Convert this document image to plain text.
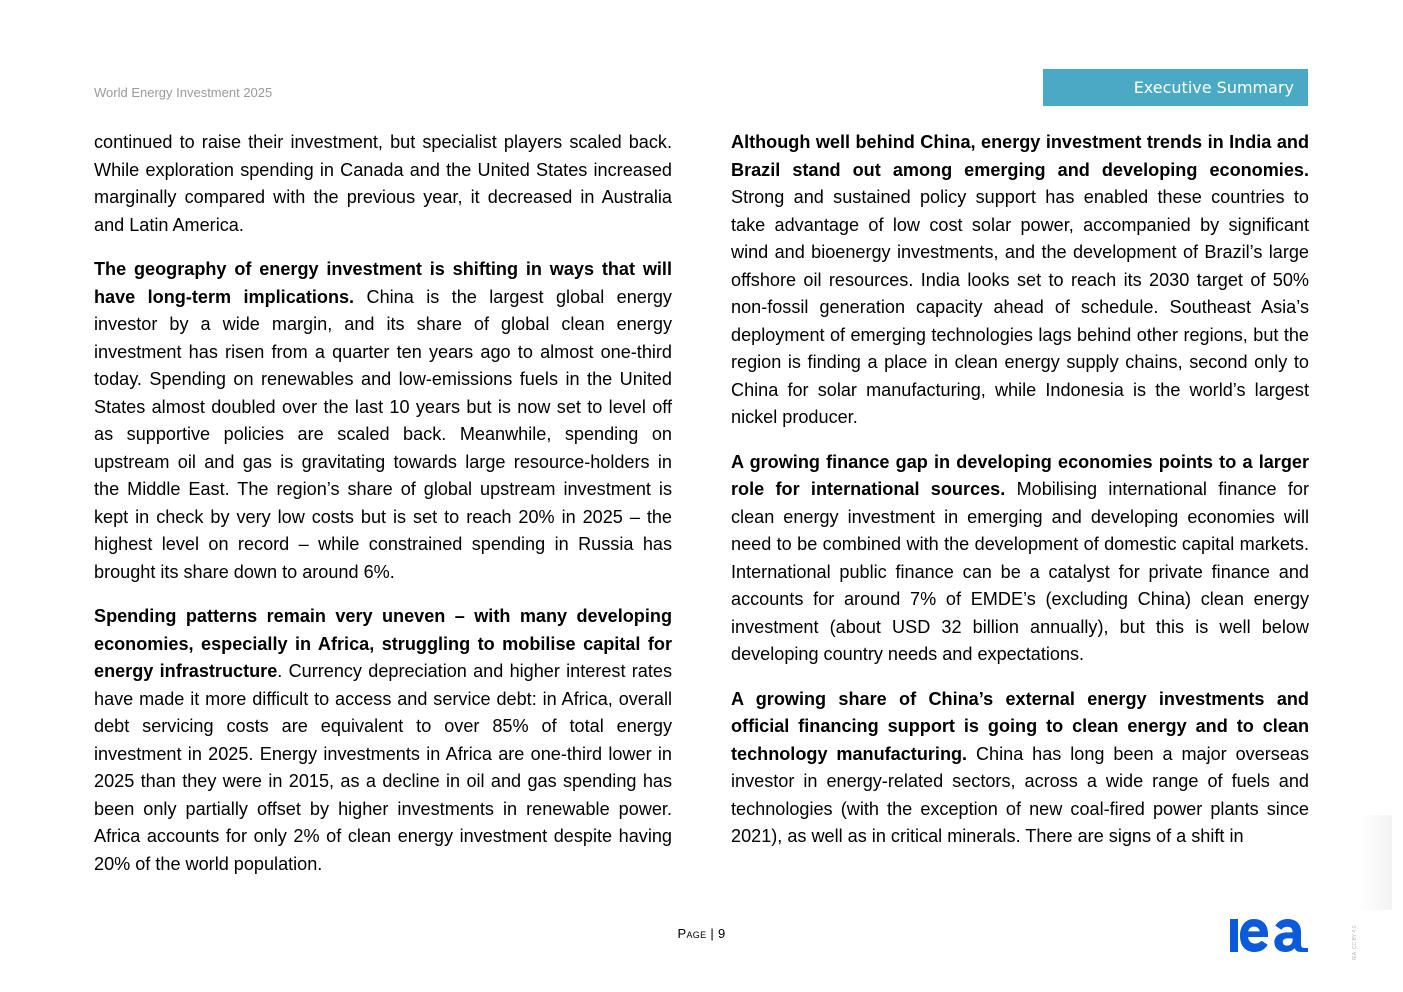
World Energy Investment 2025	Executive Summary

continued to raise their investment, but specialist players scaled back. While exploration spending in Canada and the United States increased marginally compared with the previous year, it decreased in Australia and Latin America.

The geography of energy investment is shifting in ways that will have long-term implications. China is the largest global energy investor by a wide margin, and its share of global clean energy investment has risen from a quarter ten years ago to almost one-third today. Spending on renewables and low-emissions fuels in the United States almost doubled over the last 10 years but is now set to level off as supportive policies are scaled back. Meanwhile, spending on upstream oil and gas is gravitating towards large resource-holders in the Middle East. The region’s share of global upstream investment is kept in check by very low costs but is set to reach 20% in 2025 – the highest level on record – while constrained spending in Russia has brought its share down to around 6%.

Spending patterns remain very uneven – with many developing economies, especially in Africa, struggling to mobilise capital for energy infrastructure. Currency depreciation and higher interest rates have made it more difficult to access and service debt: in Africa, overall debt servicing costs are equivalent to over 85% of total energy investment in 2025. Energy investments in Africa are one-third lower in 2025 than they were in 2015, as a decline in oil and gas spending has been only partially offset by higher investments in renewable power. Africa accounts for only 2% of clean energy investment despite having 20% of the world population.

Although well behind China, energy investment trends in India and Brazil stand out among emerging and developing economies. Strong and sustained policy support has enabled these countries to take advantage of low cost solar power, accompanied by significant wind and bioenergy investments, and the development of Brazil’s large offshore oil resources. India looks set to reach its 2030 target of 50% non-fossil generation capacity ahead of schedule. Southeast Asia’s deployment of emerging technologies lags behind other regions, but the region is finding a place in clean energy supply chains, second only to China for solar manufacturing, while Indonesia is the world’s largest nickel producer.

A growing finance gap in developing economies points to a larger role for international sources. Mobilising international finance for clean energy investment in emerging and developing economies will need to be combined with the development of domestic capital markets. International public finance can be a catalyst for private finance and accounts for around 7% of EMDE’s (excluding China) clean energy investment (about USD 32 billion annually), but this is well below developing country needs and expectations.

A growing share of China’s external energy investments and official financing support is going to clean energy and to clean technology manufacturing. China has long been a major overseas investor in energy-related sectors, across a wide range of fuels and technologies (with the exception of new coal-fired power plants since 2021), as well as in critical minerals. There are signs of a shift in

Page | 9	IEA. CC BY 4.0.
